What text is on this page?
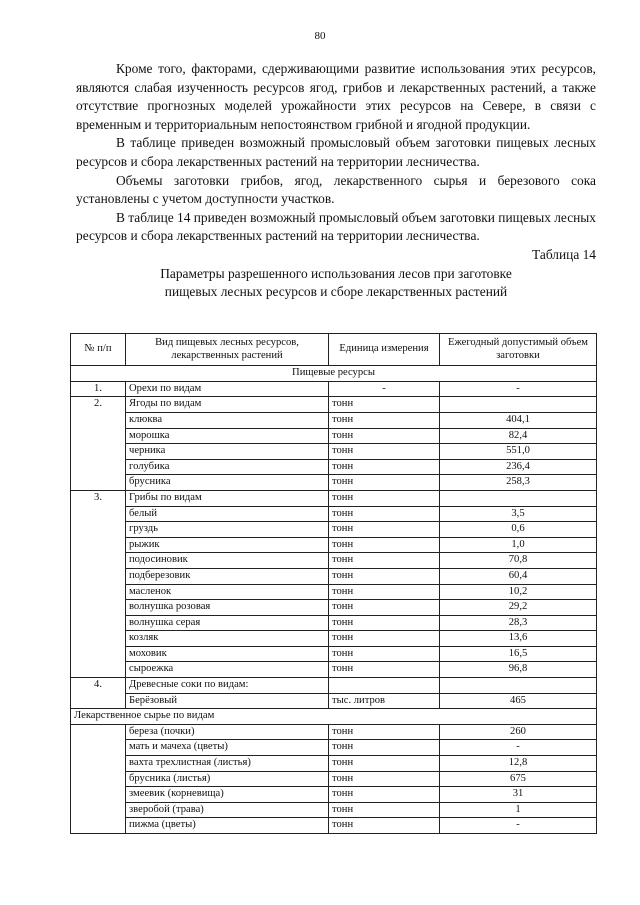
80

Кроме того, факторами, сдерживающими развитие использования этих ресурсов, являются слабая изученность ресурсов ягод, грибов и лекарственных растений, а также отсутствие прогнозных моделей урожайности этих ресурсов на Севере, в связи с временным и территориальным непостоянством грибной и ягодной продукции.

В таблице приведен возможный промысловый объем заготовки пищевых лесных ресурсов и сбора лекарственных растений на территории лесничества.

Объемы заготовки грибов, ягод, лекарственного сырья и березового сока установлены с учетом доступности участков.

В таблице 14 приведен возможный промысловый объем заготовки пищевых лесных ресурсов и сбора лекарственных растений на территории лесничества.

Таблица 14

Параметры разрешенного использования лесов при заготовке

пищевых лесных ресурсов и сборе лекарственных растений

№ п/п	Вид пищевых лесных ресурсов, лекарственных растений	Единица измерения	Ежегодный допустимый объем заготовки
Пищевые ресурсы			
1.	Орехи по видам	-	-
2.	Ягоды по видам	тонн	
	клюква	тонн	404,1
	морошка	тонн	82,4
	черника	тонн	551,0
	голубика	тонн	236,4
	брусника	тонн	258,3
3.	Грибы по видам	тонн	
	белый	тонн	3,5
	груздь	тонн	0,6
	рыжик	тонн	1,0
	подосиновик	тонн	70,8
	подберезовик	тонн	60,4
	масленок	тонн	10,2
	волнушка розовая	тонн	29,2
	волнушка серая	тонн	28,3
	козляк	тонн	13,6
	моховик	тонн	16,5
	сыроежка	тонн	96,8
4.	Древесные соки по видам:		
	Берёзовый	тыс. литров	465
Лекарственное сырье по видам			
	береза (почки)	тонн	260
	мать и мачеха (цветы)	тонн	-
	вахта трехлистная (листья)	тонн	12,8
	брусника (листья)	тонн	675
	змеевик (корневища)	тонн	31
	зверобой (трава)	тонн	1
	пижма (цветы)	тонн	-
